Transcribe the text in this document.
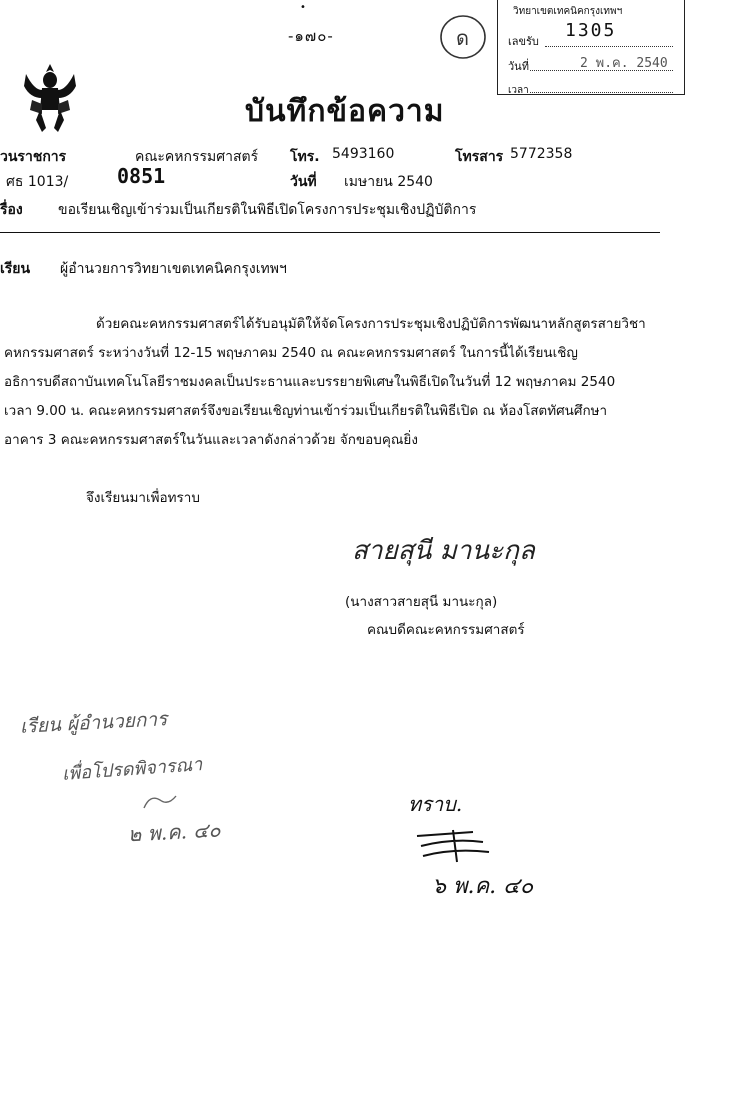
•
-๑๗๐-
บันทึกข้อความ
ด
วิทยาเขตเทคนิคกรุงเทพฯ
เลขรับ
1305
วันที่	2 พ.ค. 2540
เวลา
วนราชการ	คณะคหกรรมศาสตร์ โทร. 5493160	โทรสาร 5772358
ศธ 1013/ 0851	วันที่ เมษายน 2540
รื่อง	ขอเรียนเชิญเข้าร่วมเป็นเกียรติในพิธีเปิดโครงการประชุมเชิงปฏิบัติการ
เรียน ผู้อำนวยการวิทยาเขตเทคนิคกรุงเทพฯ
ด้วยคณะคหกรรมศาสตร์ได้รับอนุมัติให้จัดโครงการประชุมเชิงปฏิบัติการพัฒนาหลักสูตรสายวิชา
คหกรรมศาสตร์ ระหว่างวันที่ 12-15 พฤษภาคม 2540 ณ คณะคหกรรมศาสตร์ ในการนี้ได้เรียนเชิญ
อธิการบดีสถาบันเทคโนโลยีราชมงคลเป็นประธานและบรรยายพิเศษในพิธีเปิดในวันที่ 12 พฤษภาคม 2540
เวลา 9.00 น. คณะคหกรรมศาสตร์จึงขอเรียนเชิญท่านเข้าร่วมเป็นเกียรติในพิธีเปิด ณ ห้องโสตทัศนศึกษา
อาคาร 3 คณะคหกรรมศาสตร์ในวันและเวลาดังกล่าวด้วย จักขอบคุณยิ่ง
จึงเรียนมาเพื่อทราบ
สายสุนี มานะกุล
(นางสาวสายสุนี มานะกุล)
คณบดีคณะคหกรรมศาสตร์
เรียน ผู้อำนวยการ
เพื่อโปรดพิจารณา
๒ พ.ค. ๔๐
ทราบ.
๖ พ.ค. ๔๐
